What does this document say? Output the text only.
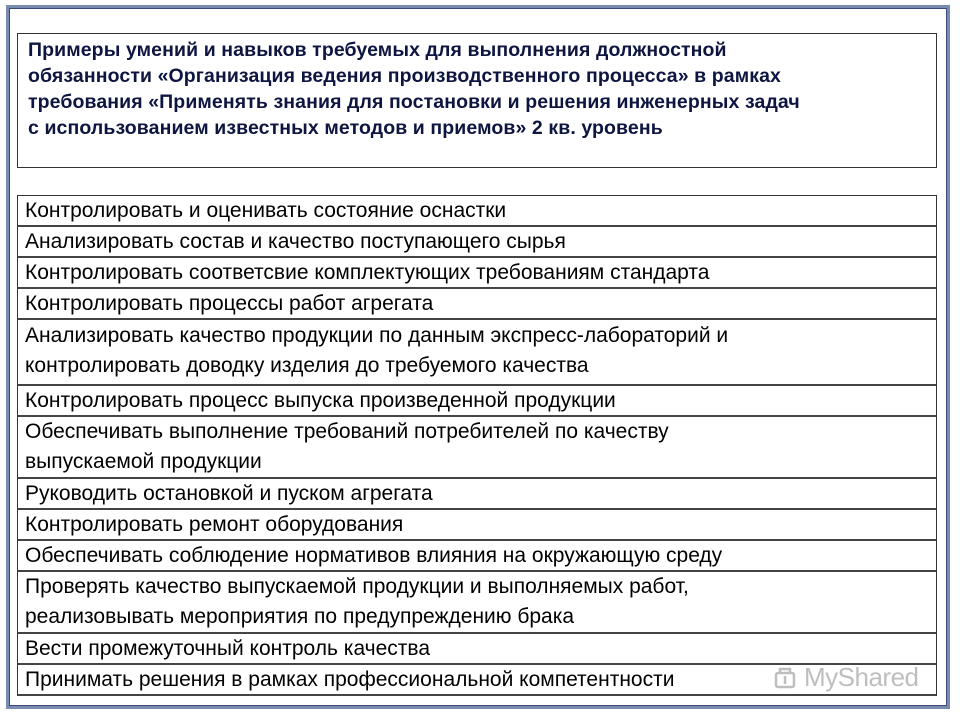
Примеры умений и навыков требуемых для выполнения должностной
обязанности «Организация ведения производственного процесса» в рамках
требования «Применять знания для постановки и решения инженерных задач
с использованием известных методов и приемов» 2 кв. уровень

Контролировать и оценивать состояние оснастки
Анализировать состав и качество поступающего сырья
Контролировать соответсвие комплектующих требованиям стандарта
Контролировать процессы работ агрегата
Анализировать качество продукции по данным экспресс-лабораторий и
контролировать доводку изделия до требуемого качества
Контролировать процесс выпуска произведенной продукции
Обеспечивать выполнение требований потребителей по качеству
выпускаемой продукции
Руководить остановкой и пуском агрегата
Контролировать ремонт оборудования
Обеспечивать соблюдение нормативов влияния на окружающую среду
Проверять качество выпускаемой продукции и выполняемых работ,
реализовывать мероприятия по предупреждению брака
Вести промежуточный контроль качества
Принимать решения в рамках профессиональной компетентности	MyShared
